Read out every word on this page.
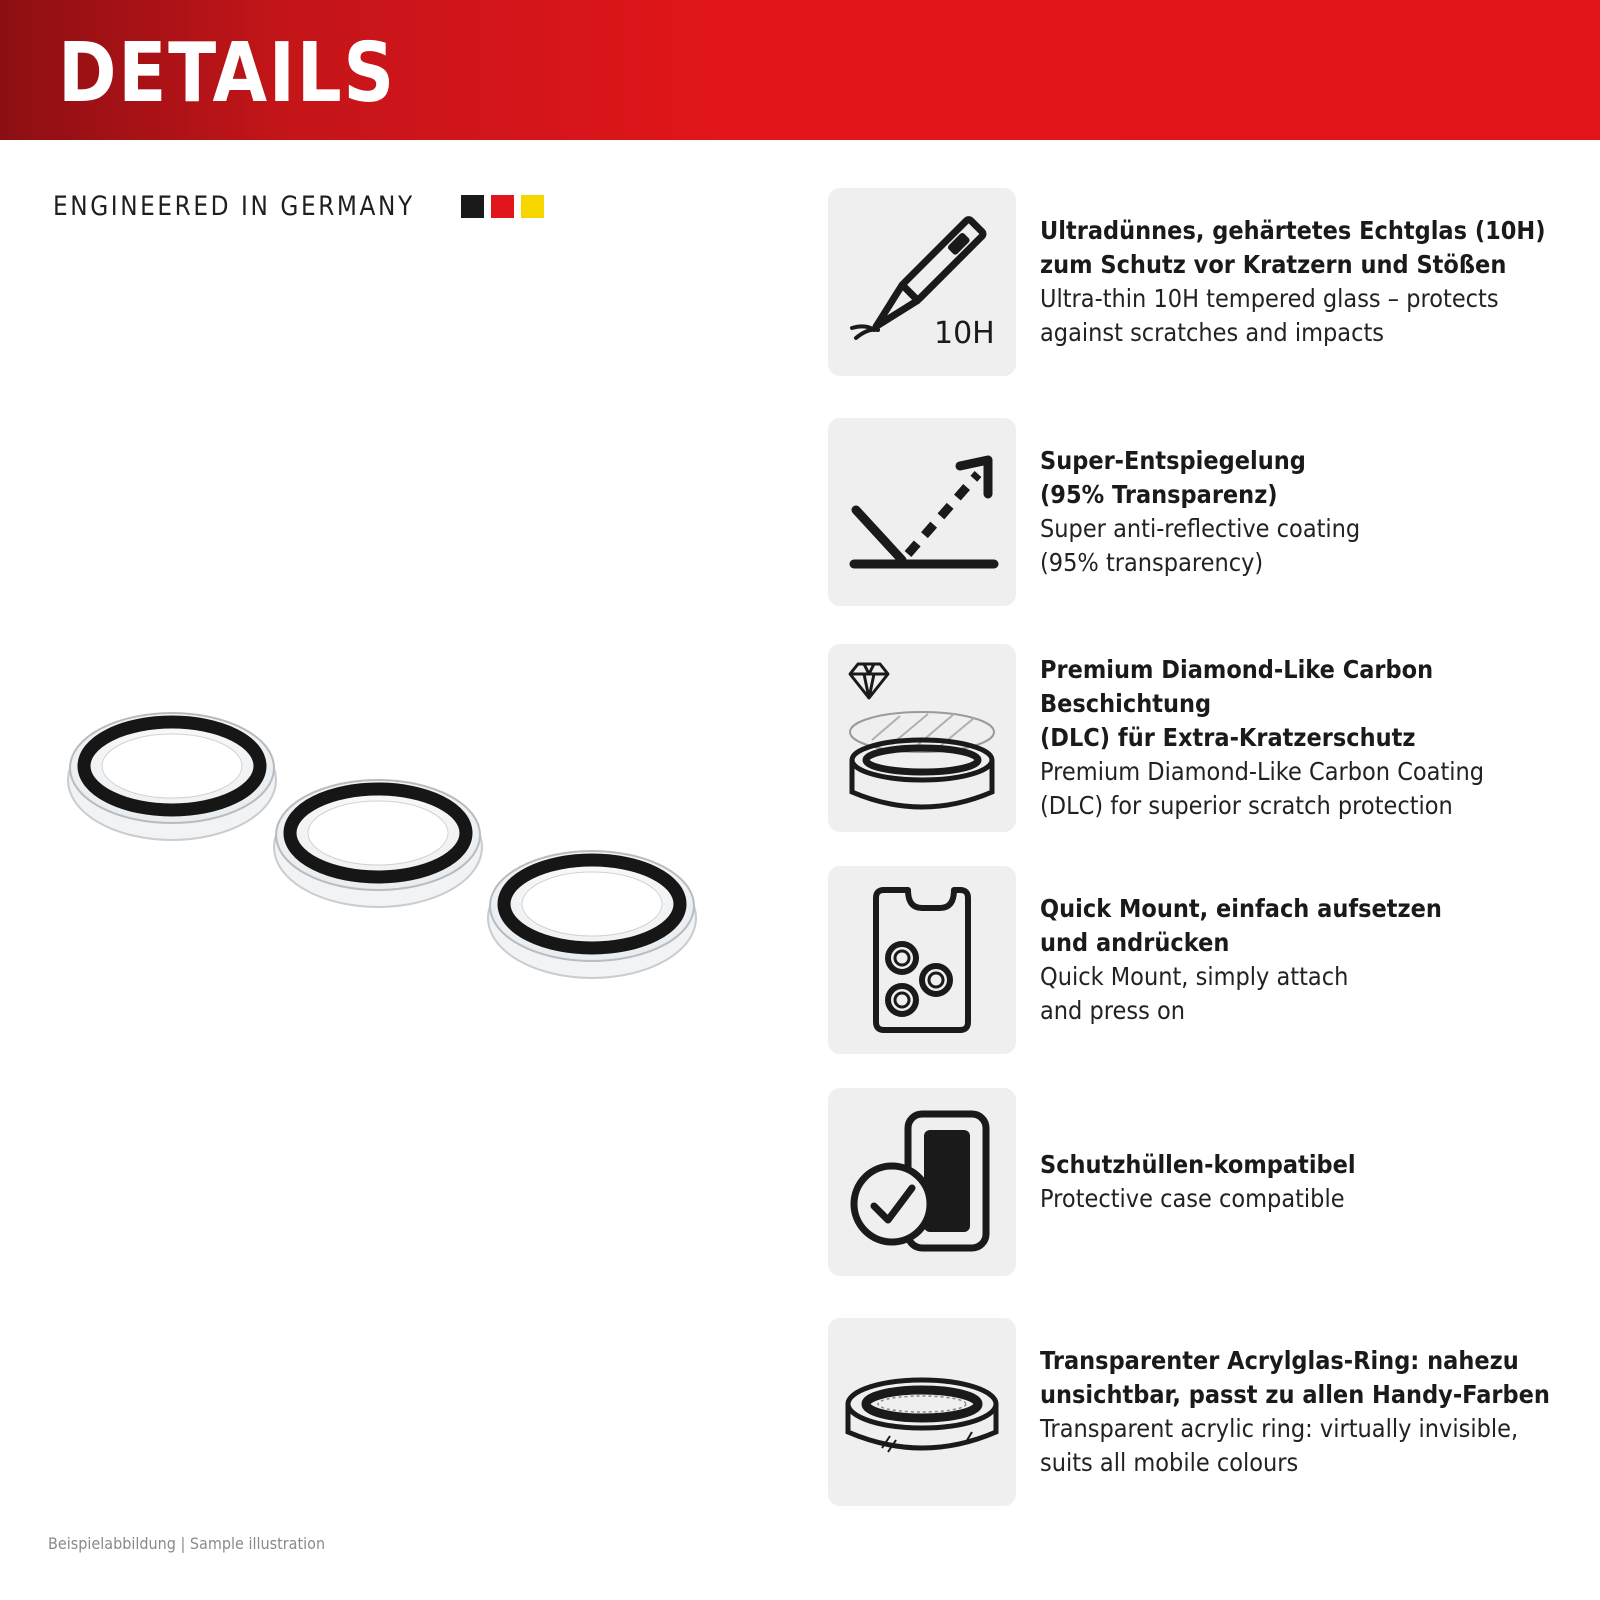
DETAILS
ENGINEERED IN GERMANY
10H
Ultradünnes, gehärtetes Echtglas (10H)
zum Schutz vor Kratzern und Stößen
Ultra-thin 10H tempered glass – protects
against scratches and impacts
Super-Entspiegelung
(95% Transparenz)
Super anti-reflective coating
(95% transparency)
Premium Diamond-Like Carbon Beschichtung
(DLC) für Extra-Kratzerschutz
Premium Diamond-Like Carbon Coating
(DLC) for superior scratch protection
Quick Mount, einfach aufsetzen
und andrücken
Quick Mount, simply attach
and press on
Schutzhüllen-kompatibel
Protective case compatible
Transparenter Acrylglas-Ring: nahezu
unsichtbar, passt zu allen Handy-Farben
Transparent acrylic ring: virtually invisible,
suits all mobile colours
Beispielabbildung | Sample illustration
